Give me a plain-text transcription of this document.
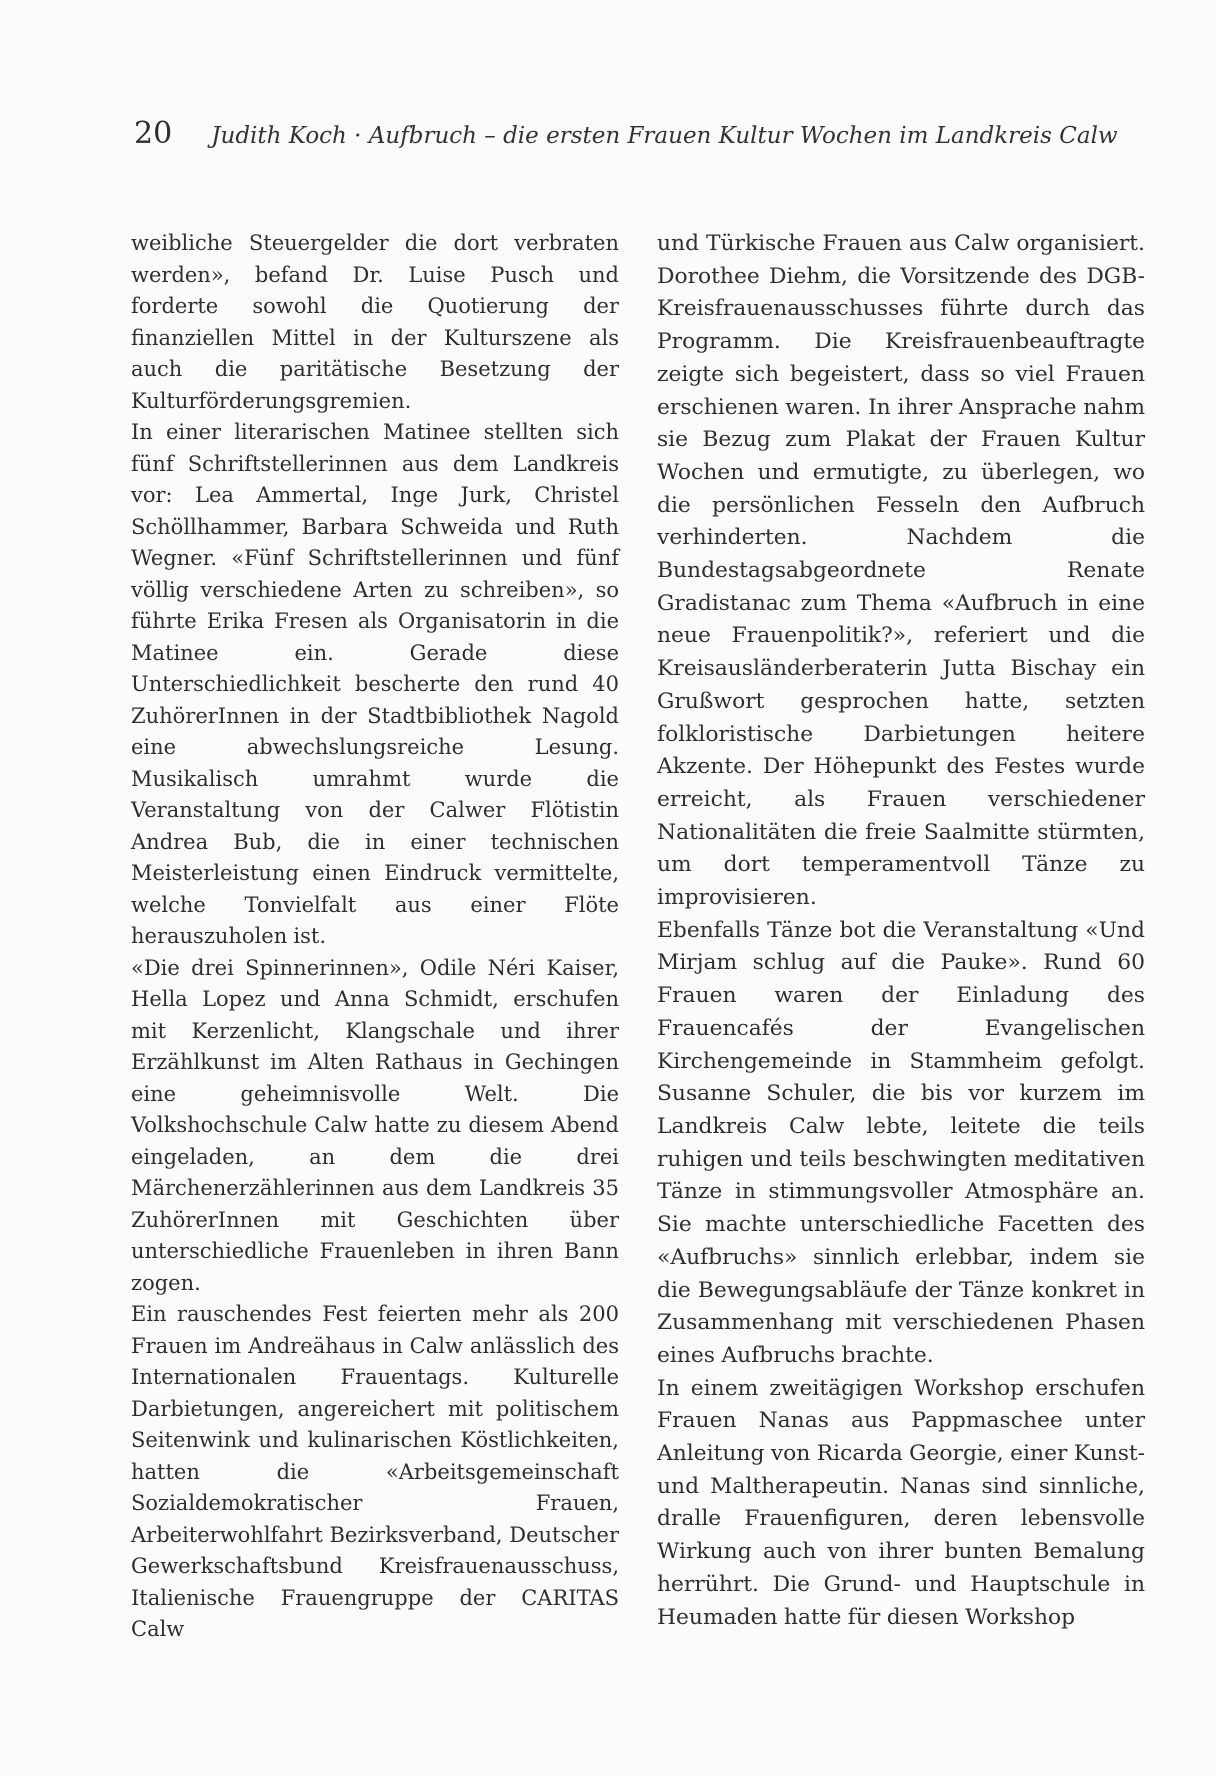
20 Judith Koch · Aufbruch – die ersten Frauen Kultur Wochen im Landkreis Calw

weibliche Steuergelder die dort verbraten werden», befand Dr. Luise Pusch und forderte sowohl die Quotierung der finanziellen Mittel in der Kulturszene als auch die paritätische Besetzung der Kulturförderungsgremien.

In einer literarischen Matinee stellten sich fünf Schriftstellerinnen aus dem Landkreis vor: Lea Ammertal, Inge Jurk, Christel Schöllhammer, Barbara Schweida und Ruth Wegner. «Fünf Schriftstellerinnen und fünf völlig verschiedene Arten zu schreiben», so führte Erika Fresen als Organisatorin in die Matinee ein. Gerade diese Unterschiedlichkeit bescherte den rund 40 ZuhörerInnen in der Stadtbibliothek Nagold eine abwechslungsreiche Lesung. Musikalisch umrahmt wurde die Veranstaltung von der Calwer Flötistin Andrea Bub, die in einer technischen Meisterleistung einen Eindruck vermittelte, welche Tonvielfalt aus einer Flöte herauszuholen ist.

«Die drei Spinnerinnen», Odile Néri Kaiser, Hella Lopez und Anna Schmidt, erschufen mit Kerzenlicht, Klangschale und ihrer Erzählkunst im Alten Rathaus in Gechingen eine geheimnisvolle Welt. Die Volkshochschule Calw hatte zu diesem Abend eingeladen, an dem die drei Märchenerzählerinnen aus dem Landkreis 35 ZuhörerInnen mit Geschichten über unterschiedliche Frauenleben in ihren Bann zogen.

Ein rauschendes Fest feierten mehr als 200 Frauen im Andreähaus in Calw anlässlich des Internationalen Frauentags. Kulturelle Darbietungen, angereichert mit politischem Seitenwink und kulinarischen Köstlichkeiten, hatten die «Arbeitsgemeinschaft Sozialdemokratischer Frauen, Arbeiterwohlfahrt Bezirksverband, Deutscher Gewerkschaftsbund Kreisfrauenausschuss, Italienische Frauengruppe der CARITAS Calw

und Türkische Frauen aus Calw organisiert. Dorothee Diehm, die Vorsitzende des DGB-Kreisfrauenausschusses führte durch das Programm. Die Kreisfrauenbeauftragte zeigte sich begeistert, dass so viel Frauen erschienen waren. In ihrer Ansprache nahm sie Bezug zum Plakat der Frauen Kultur Wochen und ermutigte, zu überlegen, wo die persönlichen Fesseln den Aufbruch verhinderten. Nachdem die Bundestagsabgeordnete Renate Gradistanac zum Thema «Aufbruch in eine neue Frauenpolitik?», referiert und die Kreisausländerberaterin Jutta Bischay ein Grußwort gesprochen hatte, setzten folkloristische Darbietungen heitere Akzente. Der Höhepunkt des Festes wurde erreicht, als Frauen verschiedener Nationalitäten die freie Saalmitte stürmten, um dort temperamentvoll Tänze zu improvisieren.

Ebenfalls Tänze bot die Veranstaltung «Und Mirjam schlug auf die Pauke». Rund 60 Frauen waren der Einladung des Frauencafés der Evangelischen Kirchengemeinde in Stammheim gefolgt. Susanne Schuler, die bis vor kurzem im Landkreis Calw lebte, leitete die teils ruhigen und teils beschwingten meditativen Tänze in stimmungsvoller Atmosphäre an. Sie machte unterschiedliche Facetten des «Aufbruchs» sinnlich erlebbar, indem sie die Bewegungsabläufe der Tänze konkret in Zusammenhang mit verschiedenen Phasen eines Aufbruchs brachte.

In einem zweitägigen Workshop erschufen Frauen Nanas aus Pappmaschee unter Anleitung von Ricarda Georgie, einer Kunst- und Maltherapeutin. Nanas sind sinnliche, dralle Frauenfiguren, deren lebensvolle Wirkung auch von ihrer bunten Bemalung herrührt. Die Grund- und Hauptschule in Heumaden hatte für diesen Workshop
